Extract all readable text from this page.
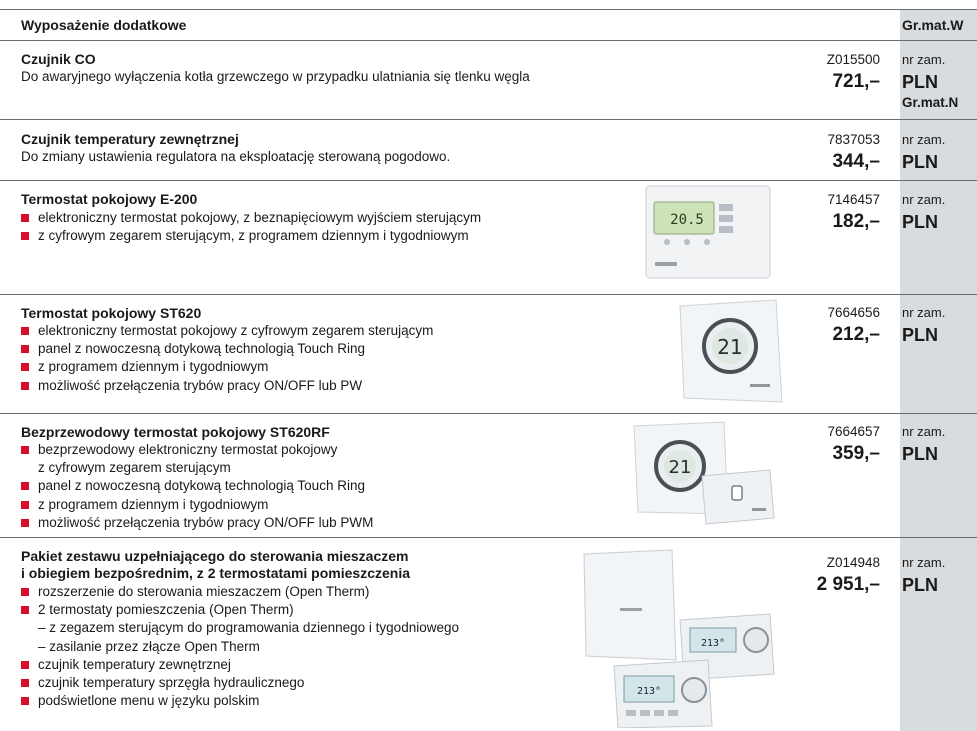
Wyposażenie dodatkowe	Gr.mat.W
Czujnik CO
Do awaryjnego wyłączenia kotła grzewczego w przypadku ulatniania się tlenku węgla
Z015500
721,–
nr zam.
PLN
Gr.mat.N
Czujnik temperatury zewnętrznej
Do zmiany ustawienia regulatora na eksploatację sterowaną pogodowo.
7837053
344,–
nr zam.
PLN
Termostat pokojowy E-200
elektroniczny termostat pokojowy, z beznapięciowym wyjściem sterującym
z cyfrowym zegarem sterującym, z programem dziennym i tygodniowym
7146457
182,–
nr zam.
PLN
20.5
Termostat pokojowy ST620
elektroniczny termostat pokojowy z cyfrowym zegarem sterującym
panel z nowoczesną dotykową technologią Touch Ring
z programem dziennym i tygodniowym
możliwość przełączenia trybów pracy ON/OFF lub PW
7664656
212,–
nr zam.
PLN
21
Bezprzewodowy termostat pokojowy ST620RF
bezprzewodowy elektroniczny termostat pokojowy
z cyfrowym zegarem sterującym
panel z nowoczesną dotykową technologią Touch Ring
z programem dziennym i tygodniowym
możliwość przełączenia trybów pracy ON/OFF lub PWM
7664657
359,–
nr zam.
PLN
21
Pakiet zestawu uzpełniającego do sterowania mieszaczem
i obiegiem bezpośrednim, z 2 termostatami pomieszczenia
rozszerzenie do sterowania mieszaczem (Open Therm)
2 termostaty pomieszczenia (Open Therm)
– z zegazem sterującym do programowania dziennego i tygodniowego
– zasilanie przez złącze Open Therm
czujnik temperatury zewnętrznej
czujnik temperatury sprzęgła hydraulicznego
podświetlone menu w języku polskim
Z014948
2 951,–
nr zam.
PLN
213°
213°
